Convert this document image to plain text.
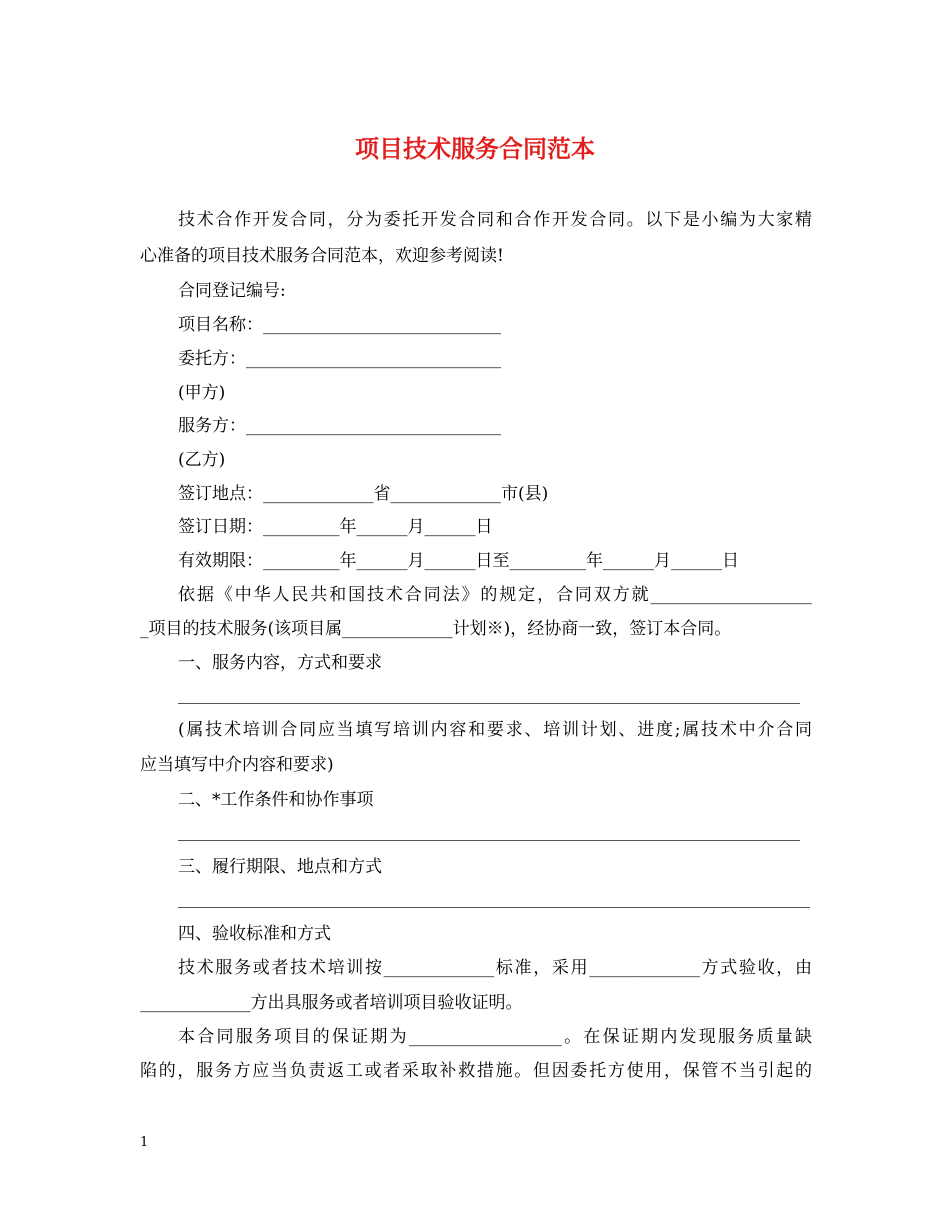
项目技术服务合同范本
技术合作开发合同，分为委托开发合同和合作开发合同。以下是小编为大家精
心准备的项目技术服务合同范本，欢迎参考阅读!
合同登记编号:
项目名称：____________________________
委托方：______________________________
(甲方)
服务方：______________________________
(乙方)
签订地点：_____________省_____________市(县)
签订日期：_________年______月______日
有效期限：_________年______月______日至_________年______月______日
依据《中华人民共和国技术合同法》的规定，合同双方就___________________
_项目的技术服务(该项目属_____________计划※)，经协商一致，签订本合同。
一、服务内容，方式和要求
(属技术培训合同应当填写培训内容和要求、培训计划、进度;属技术中介合同
应当填写中介内容和要求)
二、*工作条件和协作事项
三、履行期限、地点和方式
四、验收标准和方式
技术服务或者技术培训按_____________标准，采用_____________方式验收，由
_____________方出具服务或者培训项目验收证明。
本合同服务项目的保证期为__________________。在保证期内发现服务质量缺
陷的，服务方应当负责返工或者采取补救措施。但因委托方使用，保管不当引起的
1
